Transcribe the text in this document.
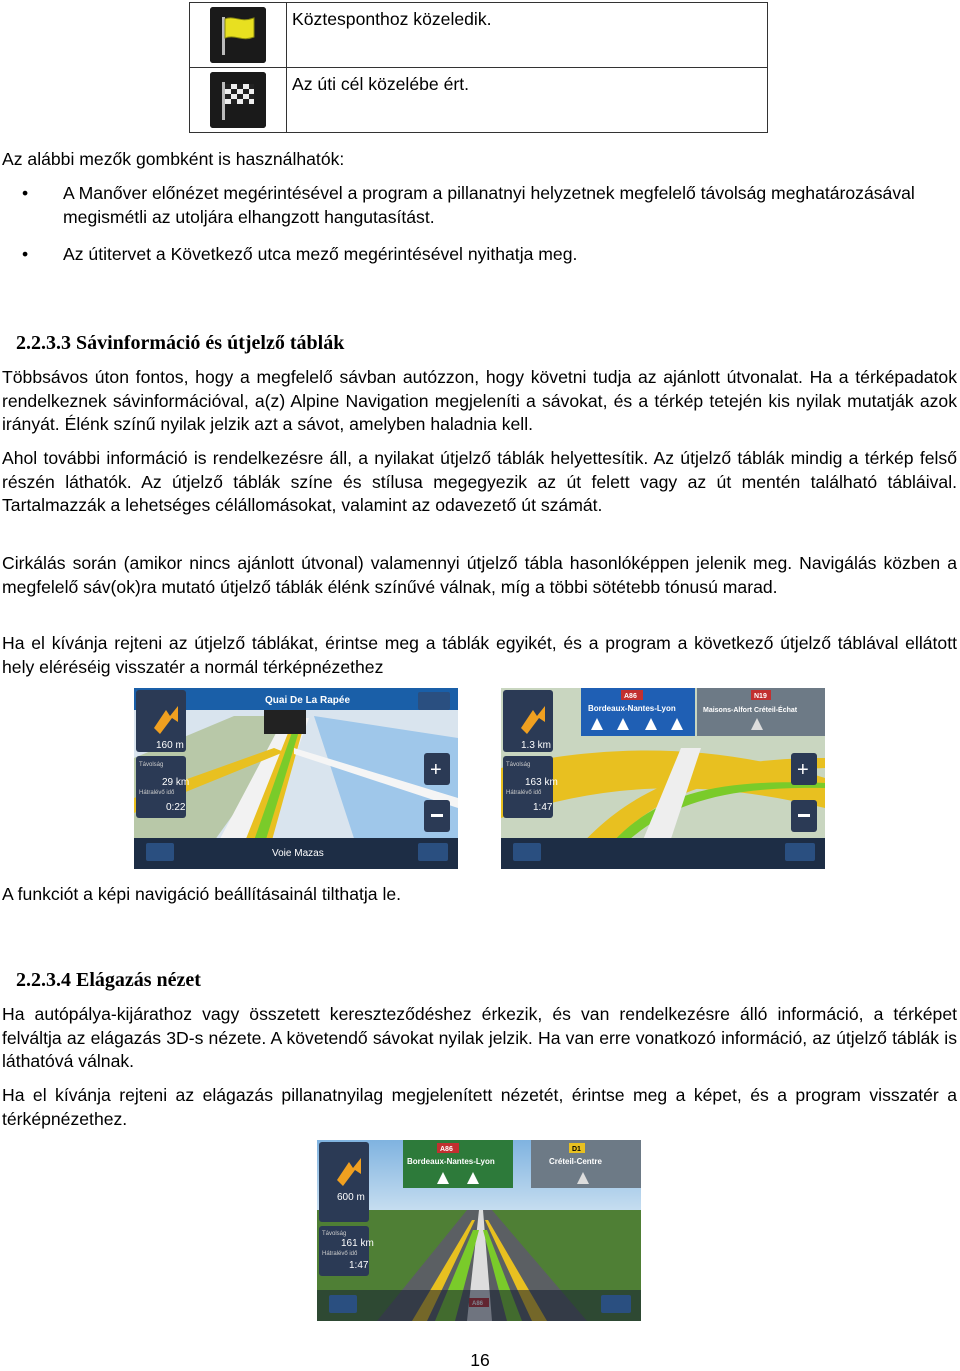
	Köztesponthoz közeledik.

	Az úti cél közelébe ért.

Az alábbi mezők gombként is használhatók:

• A Manőver előnézet megérintésével a program a pillanatnyi helyzetnek megfelelő távolság meghatározásával megismétli az utoljára elhangzott hangutasítást.
• Az útitervet a Következő utca mező megérintésével nyithatja meg.
2.2.3.3 Sávinformáció és útjelző táblák

Többsávos úton fontos, hogy a megfelelő sávban autózzon, hogy követni tudja az ajánlott útvonalat. Ha a térképadatok rendelkeznek sávinformációval, a(z) Alpine Navigation megjeleníti a sávokat, és a térkép tetején kis nyilak mutatják azok irányát. Élénk színű nyilak jelzik azt a sávot, amelyben haladnia kell.

Ahol további információ is rendelkezésre áll, a nyilakat útjelző táblák helyettesítik. Az útjelző táblák mindig a térkép felső részén láthatók. Az útjelző táblák színe és stílusa megegyezik az út felett vagy az út mentén található tábláival. Tartalmazzák a lehetséges célállomásokat, valamint az odavezető út számát.

Cirkálás során (amikor nincs ajánlott útvonal) valamennyi útjelző tábla hasonlóképpen jelenik meg. Navigálás közben a megfelelő sáv(ok)ra mutató útjelző táblák élénk színűvé válnak, míg a többi sötétebb tónusú marad.

Ha el kívánja rejteni az útjelző táblákat, érintse meg a táblák egyikét, és a program a következő útjelző táblával ellátott hely eléréséig visszatér a normál térképnézethez

Quai De La Rapée
160 m
Távolság
29 km
Hátralévő idő
0:22
+
Voie Mazas
A86
Bordeaux-Nantes-Lyon
N19
Maisons-Alfort Créteil-Échat
1.3 km
Távolság
163 km
Hátralévő idő
1:47
+

A funkciót a képi navigáció beállításainál tilthatja le.

2.2.3.4 Elágazás nézet

Ha autópálya-kijárathoz vagy összetett kereszteződéshez érkezik, és van rendelkezésre álló információ, a térképet felváltja az elágazás 3D-s nézete. A követendő sávokat nyilak jelzik. Ha van erre vonatkozó információ, az útjelző táblák is láthatóvá válnak.

Ha el kívánja rejteni az elágazás pillanatnyilag megjelenített nézetét, érintse meg a képet, és a program visszatér a térképnézethez.

A86
Bordeaux-Nantes-Lyon
D1
Créteil-Centre
600 m
Távolság
161 km
Hátralévő idő
1:47
16
